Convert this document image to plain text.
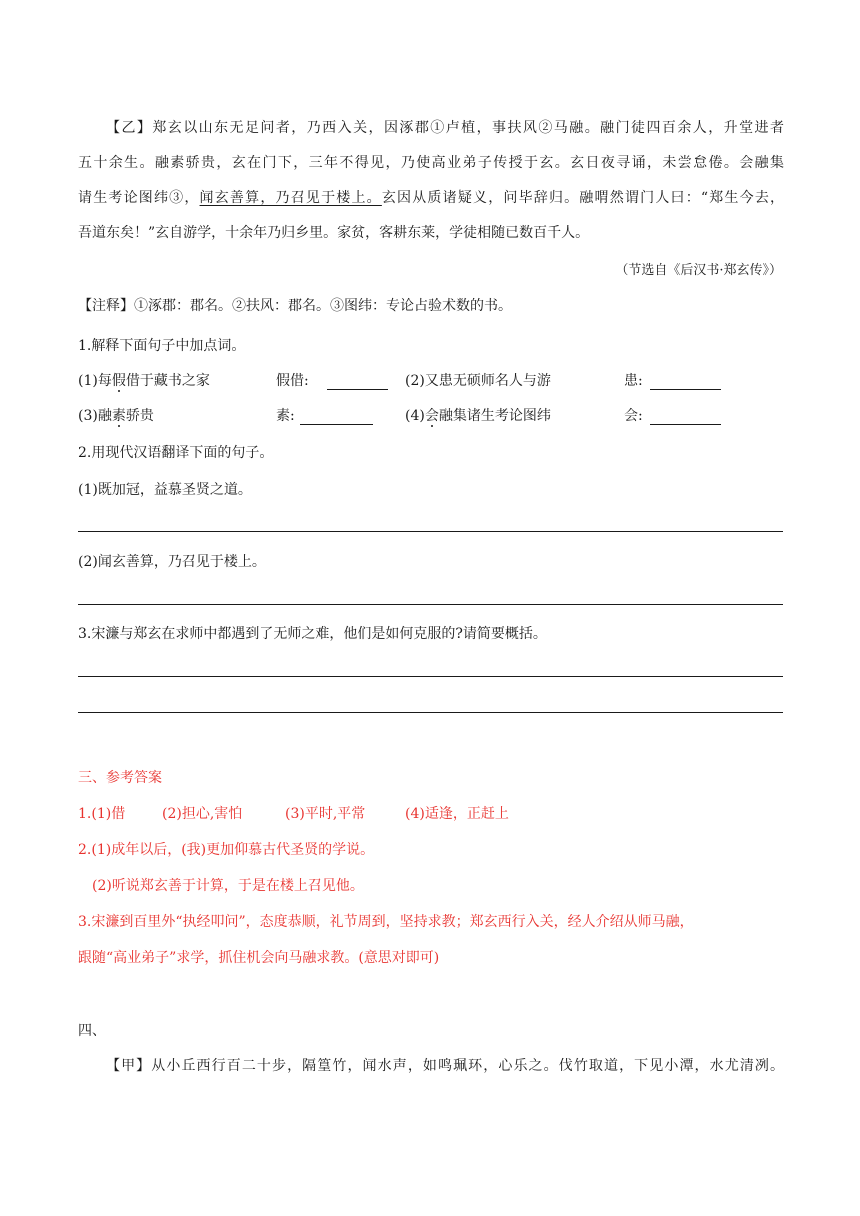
【乙】郑玄以山东无足问者，乃西入关，因涿郡①卢植，事扶风②马融。融门徒四百余人，升堂进者
五十余生。融素骄贵，玄在门下，三年不得见，乃使高业弟子传授于玄。玄日夜寻诵，未尝怠倦。会融集
请生考论图纬③，闻玄善算，乃召见于楼上。玄因从质诸疑义，问毕辞归。融喟然谓门人曰：“郑生今去，
吾道东矣！”玄自游学，十余年乃归乡里。家贫，客耕东莱，学徒相随已数百千人。
（节选自《后汉书·郑玄传》）
【注释】①涿郡：郡名。②扶风：郡名。③图纬：专论占验术数的书。
1.解释下面句子中加点词。
(1)每假借于藏书之家	假借:	(2)又患无硕师名人与游	患:
(3)融素骄贵	素:	(4)会融集诸生考论图纬	会:
2.用现代汉语翻译下面的句子。
(1)既加冠，益慕圣贤之道。
(2)闻玄善算，乃召见于楼上。
3.宋濂与郑玄在求师中都遇到了无师之难，他们是如何克服的?请简要概括。
三、参考答案
1.(1)借	(2)担心,害怕	(3)平时,平常	(4)适逢，正赶上
2.(1)成年以后，(我)更加仰慕古代圣贤的学说。
(2)听说郑玄善于计算，于是在楼上召见他。
3.宋濂到百里外“执经叩问”，态度恭顺，礼节周到，坚持求教；郑玄西行入关，经人介绍从师马融，
跟随“高业弟子”求学，抓住机会向马融求教。(意思对即可)
四、
【甲】从小丘西行百二十步，隔篁竹，闻水声，如鸣珮环，心乐之。伐竹取道，下见小潭，水尤清冽。
